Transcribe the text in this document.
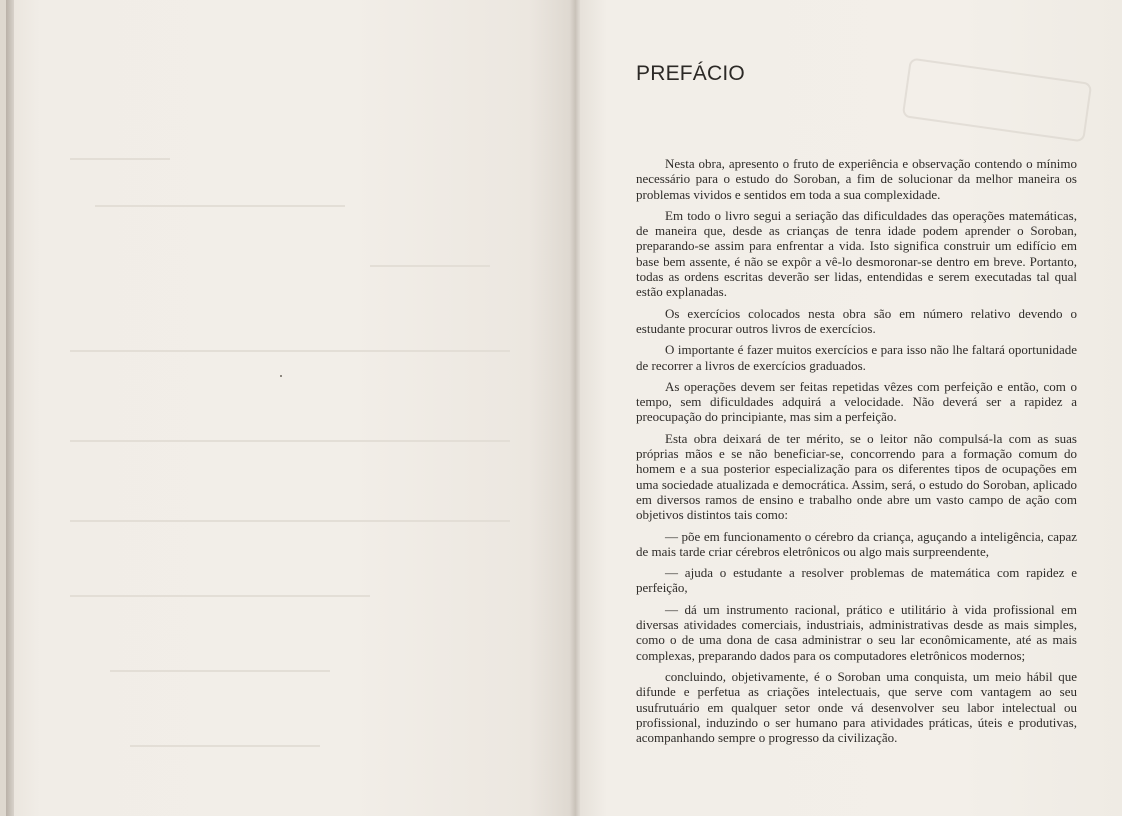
PREFÁCIO

Nesta obra, apresento o fruto de experiência e observação contendo o mínimo necessário para o estudo do Soroban, a fim de solucionar da melhor maneira os problemas vividos e sentidos em toda a sua complexidade.

Em todo o livro segui a seriação das dificuldades das operações matemáticas, de maneira que, desde as crianças de tenra idade podem aprender o Soroban, preparando-se assim para enfrentar a vida. Isto significa construir um edifício em base bem assente, é não se expôr a vê-lo desmoronar-se dentro em breve. Portanto, todas as ordens escritas deverão ser lidas, entendidas e serem executadas tal qual estão explanadas.

Os exercícios colocados nesta obra são em número relativo devendo o estudante procurar outros livros de exercícios.

O importante é fazer muitos exercícios e para isso não lhe faltará oportunidade de recorrer a livros de exercícios graduados.

As operações devem ser feitas repetidas vêzes com perfeição e então, com o tempo, sem dificuldades adquirá a velocidade. Não deverá ser a rapidez a preocupação do principiante, mas sim a perfeição.

Esta obra deixará de ter mérito, se o leitor não compulsá-la com as suas próprias mãos e se não beneficiar-se, concorrendo para a formação comum do homem e a sua posterior especialização para os diferentes tipos de ocupações em uma sociedade atualizada e democrática. Assim, será, o estudo do Soroban, aplicado em diversos ramos de ensino e trabalho onde abre um vasto campo de ação com objetivos distintos tais como:

— põe em funcionamento o cérebro da criança, aguçando a inteligência, capaz de mais tarde criar cérebros eletrônicos ou algo mais surpreendente,

— ajuda o estudante a resolver problemas de matemática com rapidez e perfeição,

— dá um instrumento racional, prático e utilitário à vida profissional em diversas atividades comerciais, industriais, administrativas desde as mais simples, como o de uma dona de casa administrar o seu lar econômicamente, até as mais complexas, preparando dados para os computadores eletrônicos modernos;

concluindo, objetivamente, é o Soroban uma conquista, um meio hábil que difunde e perfetua as criações intelectuais, que serve com vantagem ao seu usufrutuário em qualquer setor onde vá desenvolver seu labor intelectual ou profissional, induzindo o ser humano para atividades práticas, úteis e produtivas, acompanhando sempre o progresso da civilização.
